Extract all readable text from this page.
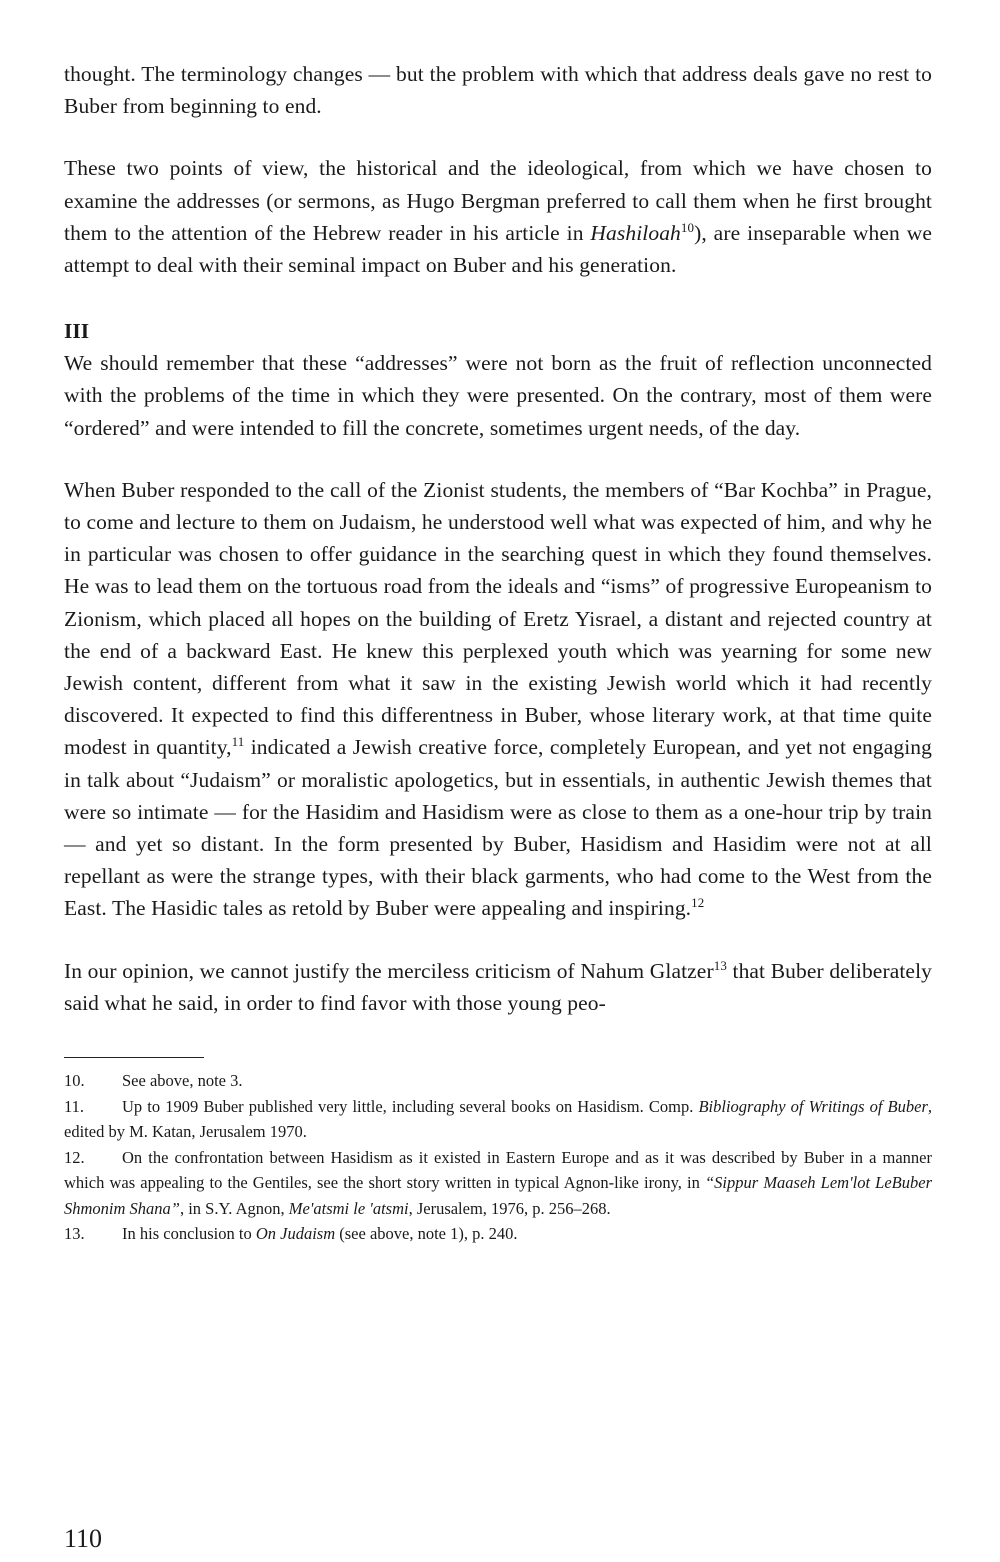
thought. The terminology changes — but the problem with which that address deals gave no rest to Buber from beginning to end.

These two points of view, the historical and the ideological, from which we have chosen to examine the addresses (or sermons, as Hugo Bergman preferred to call them when he first brought them to the attention of the Hebrew reader in his article in Hashiloah$^{10}$), are inseparable when we attempt to deal with their seminal impact on Buber and his generation.

III

We should remember that these “addresses” were not born as the fruit of reflection unconnected with the problems of the time in which they were presented. On the contrary, most of them were “ordered” and were intended to fill the concrete, sometimes urgent needs, of the day.

When Buber responded to the call of the Zionist students, the members of “Bar Kochba” in Prague, to come and lecture to them on Judaism, he understood well what was expected of him, and why he in particular was chosen to offer guidance in the searching quest in which they found themselves. He was to lead them on the tortuous road from the ideals and “isms” of progressive Europeanism to Zionism, which placed all hopes on the building of Eretz Yisrael, a distant and rejected country at the end of a backward East. He knew this perplexed youth which was yearning for some new Jewish content, different from what it saw in the existing Jewish world which it had recently discovered. It expected to find this differentness in Buber, whose literary work, at that time quite modest in quantity,$^{11}$ indicated a Jewish creative force, completely European, and yet not engaging in talk about “Judaism” or moralistic apologetics, but in essentials, in authentic Jewish themes that were so intimate — for the Hasidim and Hasidism were as close to them as a one-hour trip by train — and yet so distant. In the form presented by Buber, Hasidism and Hasidim were not at all repellant as were the strange types, with their black garments, who had come to the West from the East. The Hasidic tales as retold by Buber were appealing and inspiring.$^{12}$

In our opinion, we cannot justify the merciless criticism of Nahum Glatzer$^{13}$ that Buber deliberately said what he said, in order to find favor with those young peo-

10. See above, note 3.

11. Up to 1909 Buber published very little, including several books on Hasidism. Comp. Bibliography of Writings of Buber, edited by M. Katan, Jerusalem 1970.

12. On the confrontation between Hasidism as it existed in Eastern Europe and as it was described by Buber in a manner which was appealing to the Gentiles, see the short story written in typical Agnon-like irony, in “Sippur Maaseh Lem'lot LeBuber Shmonim Shana”, in S.Y. Agnon, Me'atsmi le 'atsmi, Jerusalem, 1976, p. 256–268.

13. In his conclusion to On Judaism (see above, note 1), p. 240.

110
